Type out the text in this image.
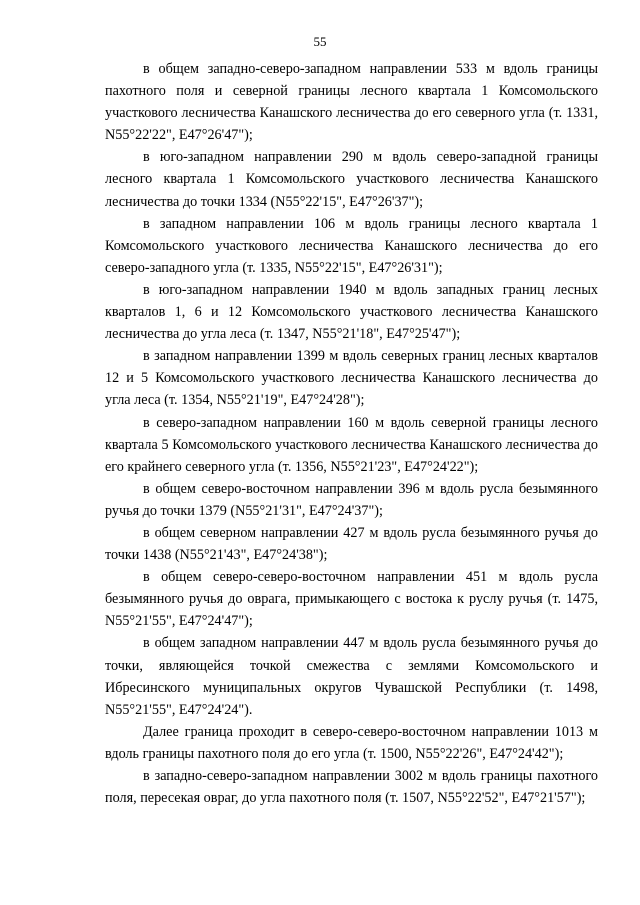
55

в общем западно-северо-западном направлении 533 м вдоль границы пахотного поля и северной границы лесного квартала 1 Комсомольского участкового лесничества Канашского лесничества до его северного угла (т. 1331, N55°22'22", E47°26'47");

в юго-западном направлении 290 м вдоль северо-западной границы лесного квартала 1 Комсомольского участкового лесничества Канашского лесничества до точки 1334 (N55°22'15", E47°26'37");

в западном направлении 106 м вдоль границы лесного квартала 1 Комсомольского участкового лесничества Канашского лесничества до его северо-западного угла (т. 1335, N55°22'15", E47°26'31");

в юго-западном направлении 1940 м вдоль западных границ лесных кварталов 1, 6 и 12 Комсомольского участкового лесничества Канашского лесничества до угла леса (т. 1347, N55°21'18", E47°25'47");

в западном направлении 1399 м вдоль северных границ лесных кварталов 12 и 5 Комсомольского участкового лесничества Канашского лесничества до угла леса (т. 1354, N55°21'19", E47°24'28");

в северо-западном направлении 160 м вдоль северной границы лесного квартала 5 Комсомольского участкового лесничества Канашского лесничества до его крайнего северного угла (т. 1356, N55°21'23", E47°24'22");

в общем северо-восточном направлении 396 м вдоль русла безымянного ручья до точки 1379 (N55°21'31", E47°24'37");

в общем северном направлении 427 м вдоль русла безымянного ручья до точки 1438 (N55°21'43", E47°24'38");

в общем северо-северо-восточном направлении 451 м вдоль русла безымянного ручья до оврага, примыкающего с востока к руслу ручья (т. 1475, N55°21'55", E47°24'47");

в общем западном направлении 447 м вдоль русла безымянного ручья до точки, являющейся точкой смежества с землями Комсомольского и Ибресинского муниципальных округов Чувашской Республики (т. 1498, N55°21'55", E47°24'24").

Далее граница проходит в северо-северо-восточном направлении 1013 м вдоль границы пахотного поля до его угла (т. 1500, N55°22'26", E47°24'42");

в западно-северо-западном направлении 3002 м вдоль границы пахотного поля, пересекая овраг, до угла пахотного поля (т. 1507, N55°22'52", E47°21'57");
